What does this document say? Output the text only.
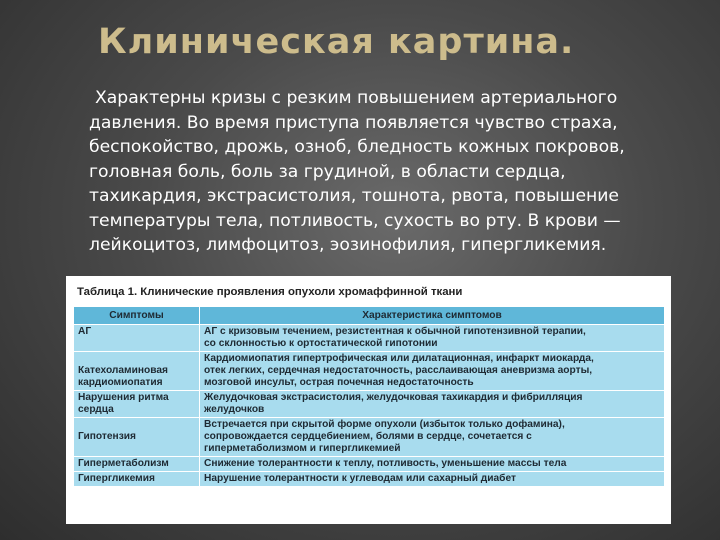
Клиническая картина.

Характерны кризы с резким повышением артериального давления. Во время приступа появляется чувство страха, беспокойство, дрожь, озноб, бледность кожных покровов, головная боль, боль за грудиной, в области сердца, тахикардия, экстрасистолия, тошнота, рвота, повышение температуры тела, потливость, сухость во рту. В крови — лейкоцитоз, лимфоцитоз, эозинофилия, гипергликемия.

Таблица 1. Клинические проявления опухоли хромаффинной ткани
Симптомы	Характеристика симптомов
АГ	АГ с кризовым течением, резистентная к обычной гипотензивной терапии,
со склонностью к ортостатической гипотонии

Катехоламиновая
кардиомиопатия	Кардиомиопатия гипертрофическая или дилатационная, инфаркт миокарда,
отек легких, сердечная недостаточность, расслаивающая аневризма аорты,
мозговой инсульт, острая почечная недостаточность
Нарушения ритма
сердца	Желудочковая экстрасистолия, желудочковая тахикардия и фибрилляция
желудочков

Гипотензия	Встречается при скрытой форме опухоли (избыток только дофамина),
сопровождается сердцебиением, болями в сердце, сочетается с
гиперметаболизмом и гипергликемией
Гиперметаболизм	Снижение толерантности к теплу, потливость, уменьшение массы тела
Гипергликемия	Нарушение толерантности к углеводам или сахарный диабет
